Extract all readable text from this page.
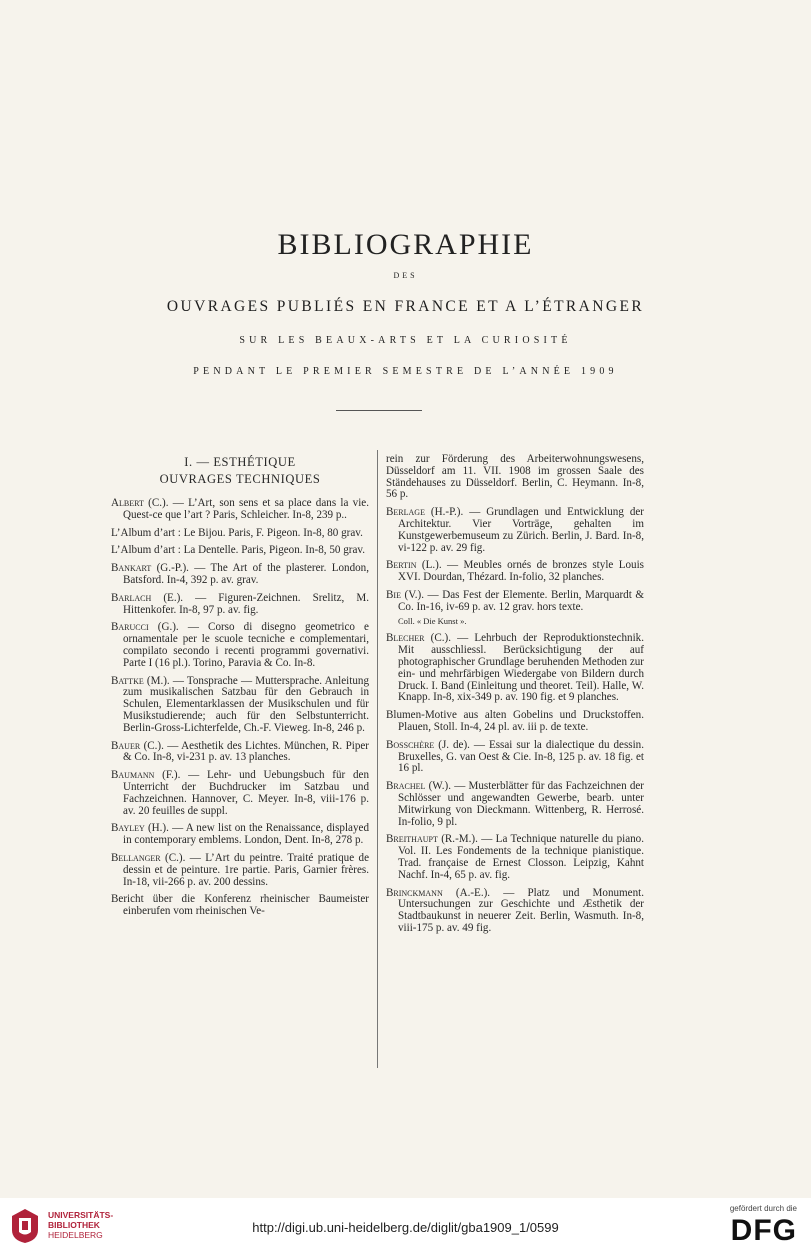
BIBLIOGRAPHIE
DES
OUVRAGES PUBLIÉS EN FRANCE ET A L’ÉTRANGER
SUR LES BEAUX-ARTS ET LA CURIOSITÉ
PENDANT LE PREMIER SEMESTRE DE L’ANNÉE 1909
I. — ESTHÉTIQUE
OUVRAGES TECHNIQUES
Albert (C.). — L’Art, son sens et sa place dans la vie. Quest-ce que l’art ? Paris, Schleicher. In-8, 239 p..
L’Album d’art : Le Bijou. Paris, F. Pigeon. In-8, 80 grav.
L’Album d’art : La Dentelle. Paris, Pigeon. In-8, 50 grav.
Bankart (G.-P.). — The Art of the plasterer. London, Batsford. In-4, 392 p. av. grav.
Barlach (E.). — Figuren-Zeichnen. Srelitz, M. Hittenkofer. In-8, 97 p. av. fig.
Barucci (G.). — Corso di disegno geometrico e ornamentale per le scuole tecniche e complementari, compilato secondo i recenti programmi governativi. Parte I (16 pl.). Torino, Paravia & Co. In-8.
Battke (M.). — Tonsprache — Muttersprache. Anleitung zum musikalischen Satzbau für den Gebrauch in Schulen, Elementarklassen der Musikschulen und für Musikstudierende; auch für den Selbstunterricht. Berlin-Gross-Lichterfelde, Ch.-F. Vieweg. In-8, 246 p.
Bauer (C.). — Aesthetik des Lichtes. München, R. Piper & Co. In-8, vi-231 p. av. 13 planches.
Baumann (F.). — Lehr- und Uebungsbuch für den Unterricht der Buchdrucker im Satzbau und Fachzeichnen. Hannover, C. Meyer. In-8, viii-176 p. av. 20 feuilles de suppl.
Bayley (H.). — A new list on the Renaissance, displayed in contemporary emblems. London, Dent. In-8, 278 p.
Bellanger (C.). — L’Art du peintre. Traité pratique de dessin et de peinture. 1re partie. Paris, Garnier frères. In-18, vii-266 p. av. 200 dessins.
Bericht über die Konferenz rheinischer Baumeister einberufen vom rheinischen Ve-
rein zur Förderung des Arbeiterwohnungswesens, Düsseldorf am 11. VII. 1908 im grossen Saale des Ständehauses zu Düsseldorf. Berlin, C. Heymann. In-8, 56 p.
Berlage (H.-P.). — Grundlagen und Entwicklung der Architektur. Vier Vorträge, gehalten im Kunstgewerbemuseum zu Zürich. Berlin, J. Bard. In-8, vi-122 p. av. 29 fig.
Bertin (L.). — Meubles ornés de bronzes style Louis XVI. Dourdan, Thézard. In-folio, 32 planches.
Bie (V.). — Das Fest der Elemente. Berlin, Marquardt & Co. In-16, iv-69 p. av. 12 grav. hors texte.
Coll. « Die Kunst ».
Blecher (C.). — Lehrbuch der Reproduktionstechnik. Mit ausschliessl. Berücksichtigung der auf photographischer Grundlage beruhenden Methoden zur ein- und mehrfärbigen Wiedergabe von Bildern durch Druck. I. Band (Einleitung und theoret. Teil). Halle, W. Knapp. In-8, xix-349 p. av. 190 fig. et 9 planches.
Blumen-Motive aus alten Gobelins und Druckstoffen. Plauen, Stoll. In-4, 24 pl. av. iii p. de texte.
Bosschère (J. de). — Essai sur la dialectique du dessin. Bruxelles, G. van Oest & Cie. In-8, 125 p. av. 18 fig. et 16 pl.
Brachel (W.). — Musterblätter für das Fachzeichnen der Schlösser und angewandten Gewerbe, bearb. unter Mitwirkung von Dieckmann. Wittenberg, R. Herrosé. In-folio, 9 pl.
Breithaupt (R.-M.). — La Technique naturelle du piano. Vol. II. Les Fondements de la technique pianistique. Trad. française de Ernest Closson. Leipzig, Kahnt Nachf. In-4, 65 p. av. fig.
Brinckmann (A.-E.). — Platz und Monument. Untersuchungen zur Geschichte und Æsthetik der Stadtbaukunst in neuerer Zeit. Berlin, Wasmuth. In-8, viii-175 p. av. 49 fig.
UNIVERSITÄTS-
BIBLIOTHEK
HEIDELBERG	http://digi.ub.uni-heidelberg.de/diglit/gba1909_1/0599
gefördert durch die
DFG
